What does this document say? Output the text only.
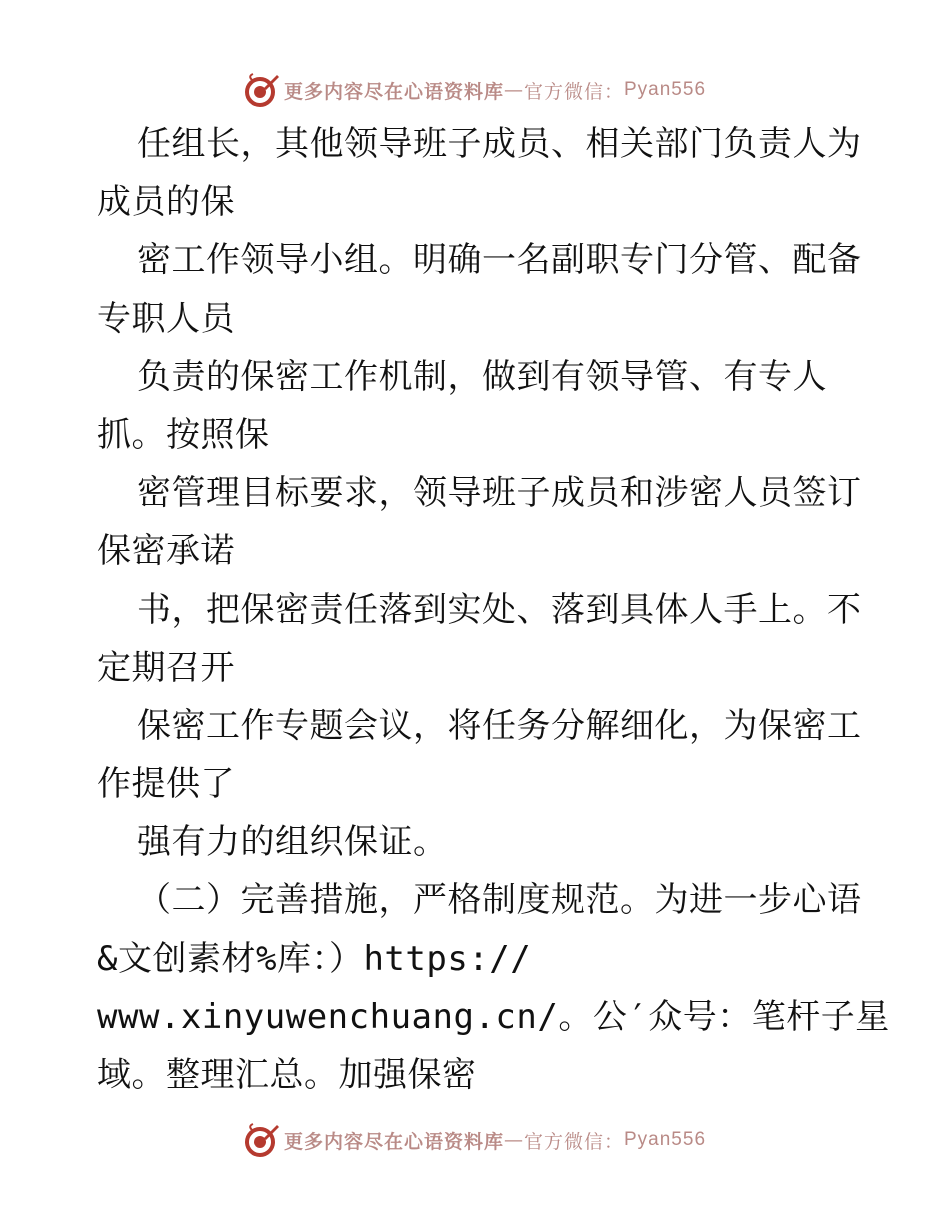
更多内容尽在心语资料库 — 官方微信： Pyan556
任组长，其他领导班子成员、相关部门负责人为
成员的保
密工作领导小组。明确一名副职专门分管、配备
专职人员
负责的保密工作机制，做到有领导管、有专人
抓。按照保
密管理目标要求，领导班子成员和涉密人员签订
保密承诺
书，把保密责任落到实处、落到具体人手上。不
定期召开
保密工作专题会议，将任务分解细化，为保密工
作提供了
强有力的组织保证。
（二）完善措施，严格制度规范。为进一步心语
&文创素材%库：）https://
www.xinyuwenchuang.cn/。公′众号：笔杆子星
域。整理汇总。加强保密
更多内容尽在心语资料库 — 官方微信： Pyan556
